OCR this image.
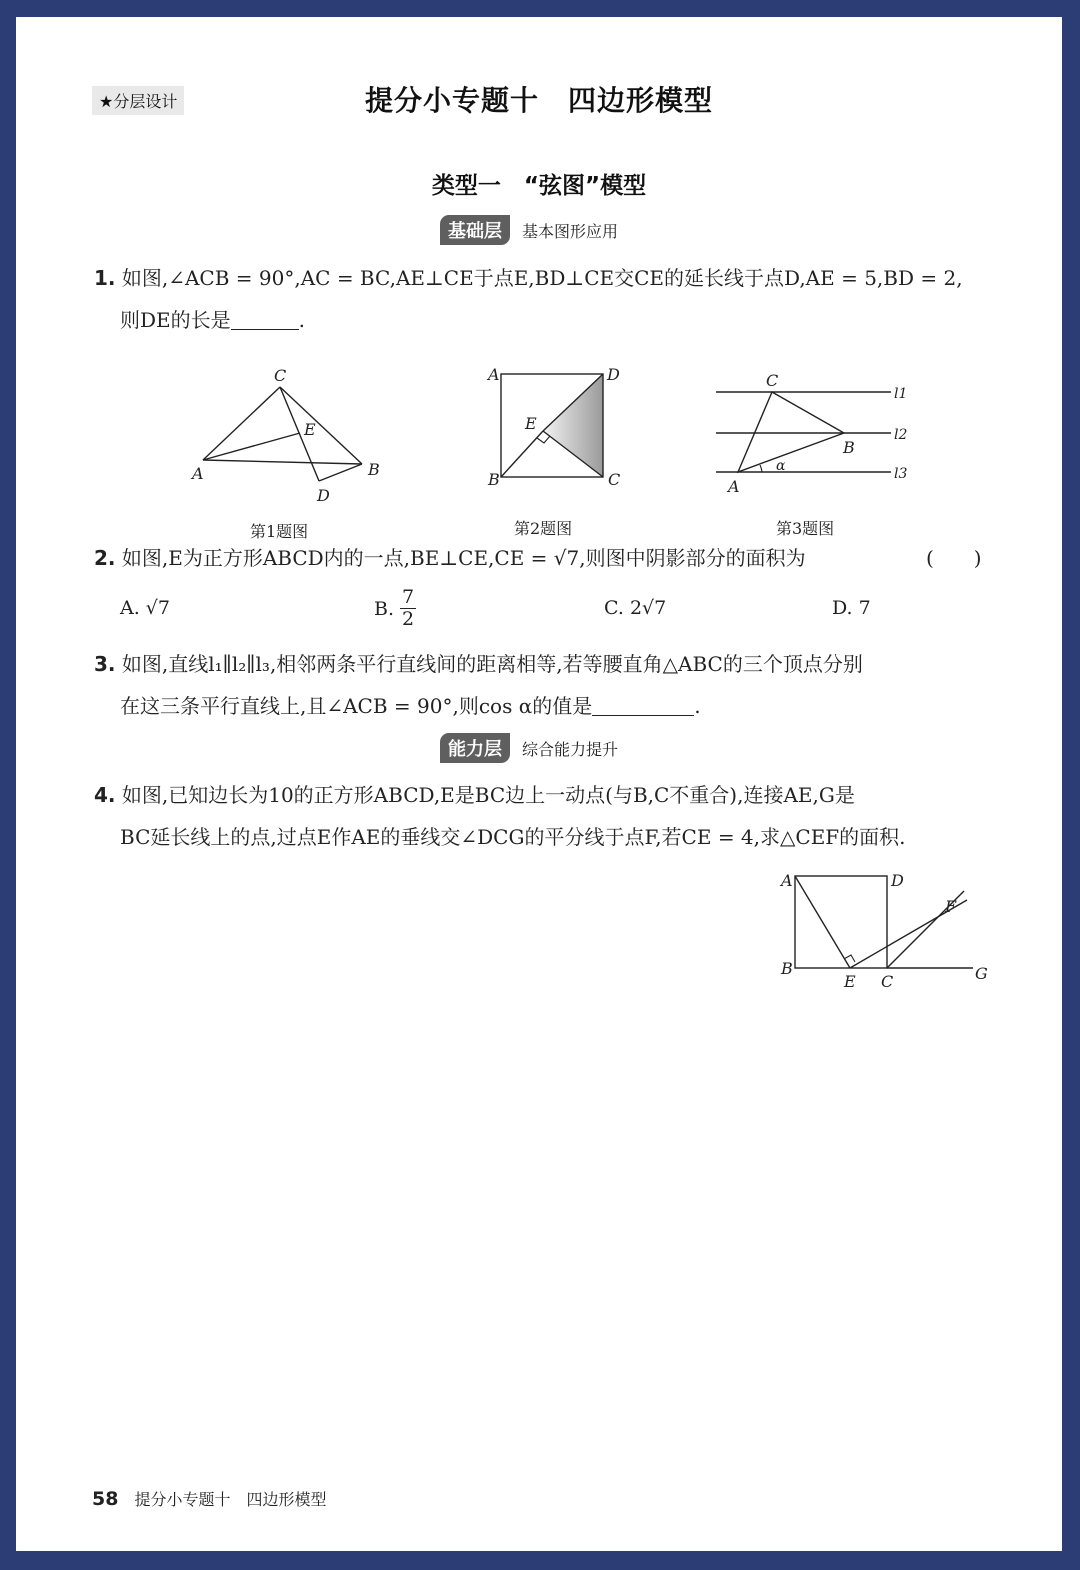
★分层设计	提分小专题十　四边形模型
类型一　“弦图”模型
基础层 基本图形应用
1. 如图,∠ACB = 90°,AC = BC,AE⊥CE于点E,BD⊥CE交CE的延长线于点D,AE = 5,BD = 2,
则DE的长是	.
C
E
A	B
D
第1题图
A	D
E
B	C
第2题图
C
B
A
α
l1
l2
l3
第3题图
2. 如图,E为正方形ABCD内的一点,BE⊥CE,CE = √7,则图中阴影部分的面积为	(　　)
A. √7	B. $\frac{7}{2}$	C. 2√7	D. 7
3. 如图,直线l₁∥l₂∥l₃,相邻两条平行直线间的距离相等,若等腰直角△ABC的三个顶点分别
在这三条平行直线上,且∠ACB = 90°,则cos α的值是	.
能力层 综合能力提升
4. 如图,已知边长为10的正方形ABCD,E是BC边上一动点(与B,C不重合),连接AE,G是
BC延长线上的点,过点E作AE的垂线交∠DCG的平分线于点F,若CE = 4,求△CEF的面积.
A	D
F
B
E C	G
58 提分小专题十　四边形模型
